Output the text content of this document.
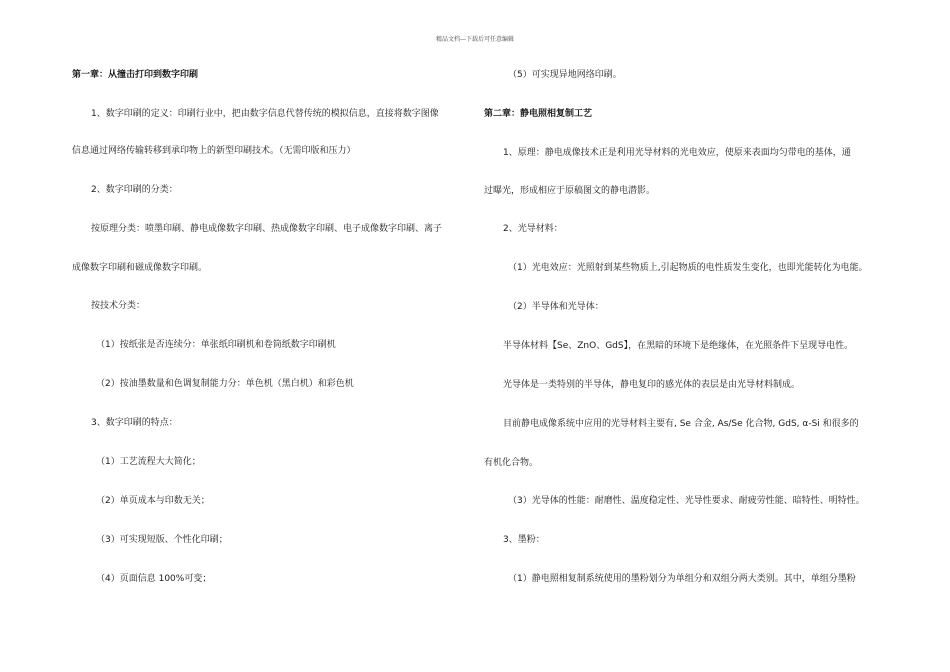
精品文档---下载后可任意编辑
第一章：从撞击打印到数字印刷
1、数字印刷的定义：印刷行业中，把由数字信息代替传统的模拟信息，直接将数字图像
信息通过网络传输转移到承印物上的新型印刷技术。（无需印版和压力）
2、数字印刷的分类：
按原理分类：喷墨印刷、静电成像数字印刷、热成像数字印刷、电子成像数字印刷、离子
成像数字印刷和磁成像数字印刷。
按技术分类：
（1）按纸张是否连续分：单张纸印刷机和卷筒纸数字印刷机
（2）按油墨数量和色调复制能力分：单色机（黑白机）和彩色机
3、数字印刷的特点：
（1）工艺流程大大简化；
（2）单页成本与印数无关；
（3）可实现短版、个性化印刷；
（4）页面信息 100%可变；
（5）可实现异地网络印刷。
第二章：静电照相复制工艺
1、原理：静电成像技术正是利用光导材料的光电效应，使原来表面均匀带电的基体，通
过曝光，形成相应于原稿图文的静电潜影。
2、光导材料：
（1）光电效应：光照射到某些物质上,引起物质的电性质发生变化，也即光能转化为电能。
（2）半导体和光导体：
半导体材料【Se、ZnO、GdS】，在黑暗的环境下是绝缘体，在光照条件下呈现导电性。
光导体是一类特别的半导体，静电复印的感光体的表层是由光导材料制成。
目前静电成像系统中应用的光导材料主要有, Se 合金, As/Se 化合物, GdS, α-Si 和很多的
有机化合物。
（3）光导体的性能：耐磨性、温度稳定性、光导性要求、耐疲劳性能、暗特性、明特性。
3、墨粉：
（1）静电照相复制系统使用的墨粉划分为单组分和双组分两大类别。其中，单组分墨粉
